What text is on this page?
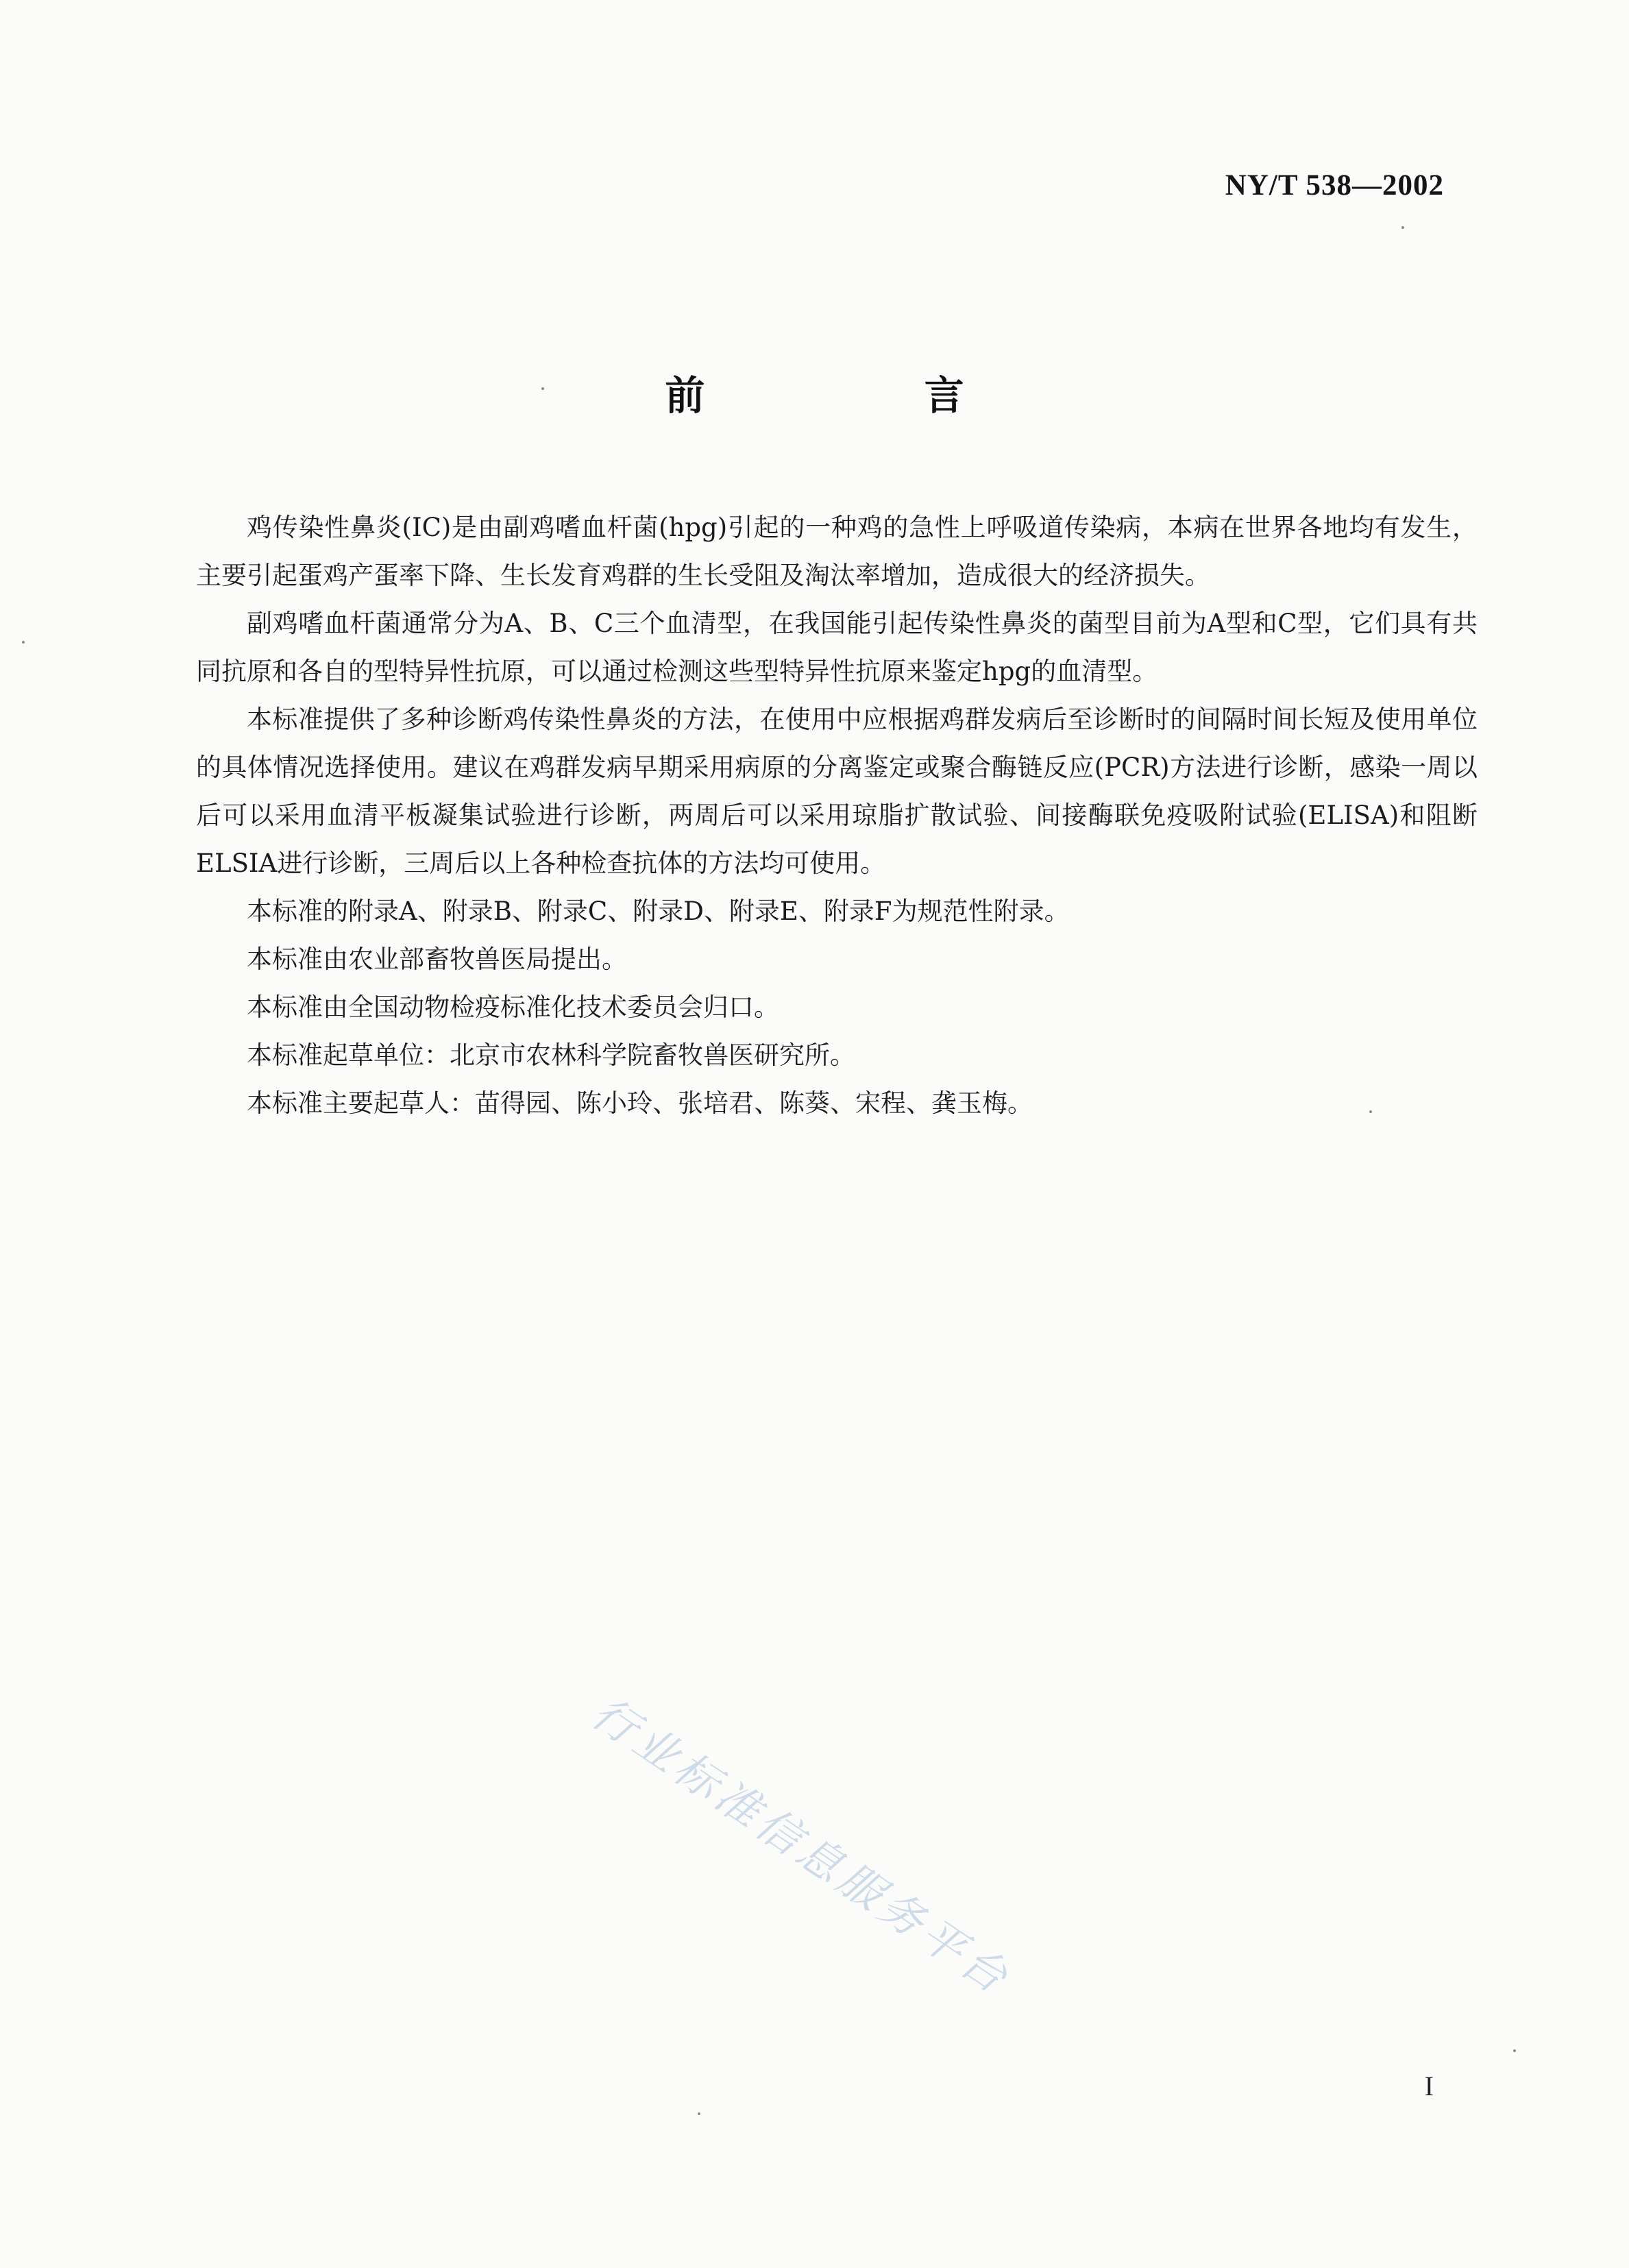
NY/T 538—2002
前 言

鸡传染性鼻炎(IC)是由副鸡嗜血杆菌(hpg)引起的一种鸡的急性上呼吸道传染病，本病在世界各地均有发生，主要引起蛋鸡产蛋率下降、生长发育鸡群的生长受阻及淘汰率增加，造成很大的经济损失。

副鸡嗜血杆菌通常分为A、B、C三个血清型，在我国能引起传染性鼻炎的菌型目前为A型和C型，它们具有共同抗原和各自的型特异性抗原，可以通过检测这些型特异性抗原来鉴定hpg的血清型。

本标准提供了多种诊断鸡传染性鼻炎的方法，在使用中应根据鸡群发病后至诊断时的间隔时间长短及使用单位的具体情况选择使用。建议在鸡群发病早期采用病原的分离鉴定或聚合酶链反应(PCR)方法进行诊断，感染一周以后可以采用血清平板凝集试验进行诊断，两周后可以采用琼脂扩散试验、间接酶联免疫吸附试验(ELISA)和阻断ELSIA进行诊断，三周后以上各种检查抗体的方法均可使用。

本标准的附录A、附录B、附录C、附录D、附录E、附录F为规范性附录。

本标准由农业部畜牧兽医局提出。

本标准由全国动物检疫标准化技术委员会归口。

本标准起草单位：北京市农林科学院畜牧兽医研究所。

本标准主要起草人：苗得园、陈小玲、张培君、陈葵、宋程、龚玉梅。

行业标准信息服务平台
I
